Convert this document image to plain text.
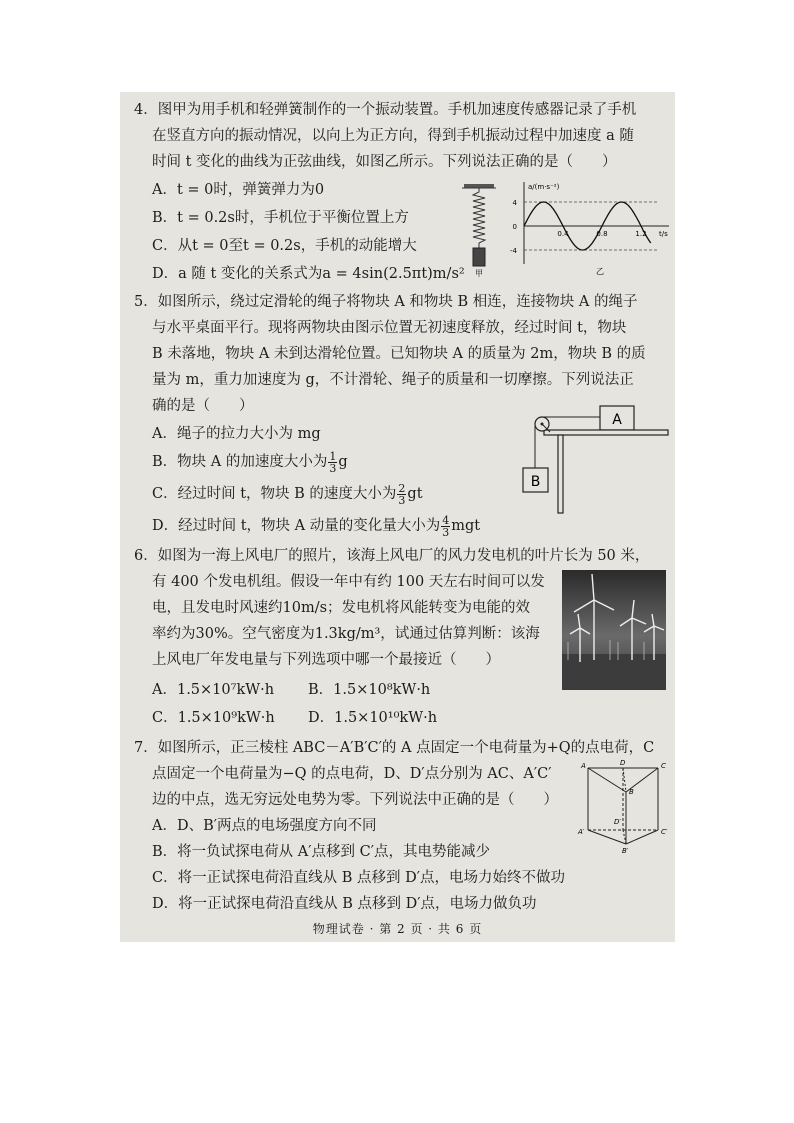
4．图甲为用手机和轻弹簧制作的一个振动装置。手机加速度传感器记录了手机
在竖直方向的振动情况，以向上为正方向，得到手机振动过程中加速度 a 随
时间 t 变化的曲线为正弦曲线，如图乙所示。下列说法正确的是（　　）
A．t = 0时，弹簧弹力为0
B．t = 0.2s时，手机位于平衡位置上方
C．从t = 0至t = 0.2s，手机的动能增大
D．a 随 t 变化的关系式为a = 4sin(2.5πt)m/s²
5．如图所示，绕过定滑轮的绳子将物块 A 和物块 B 相连，连接物块 A 的绳子
与水平桌面平行。现将两物块由图示位置无初速度释放，经过时间 t，物块
B 未落地，物块 A 未到达滑轮位置。已知物块 A 的质量为 2m，物块 B 的质
量为 m，重力加速度为 g，不计滑轮、绳子的质量和一切摩擦。下列说法正
确的是（　　）
A．绳子的拉力大小为 mg
B．物块 A 的加速度大小为 $\frac{1}{3}$ g
C．经过时间 t，物块 B 的速度大小为 $\frac{2}{3}$ gt
D．经过时间 t，物块 A 动量的变化量大小为 $\frac{4}{3}$ mgt
6．如图为一海上风电厂的照片，该海上风电厂的风力发电机的叶片长为 50 米，
有 400 个发电机组。假设一年中有约 100 天左右时间可以发
电，且发电时风速约10m/s；发电机将风能转变为电能的效
率约为30%。空气密度为1.3kg/m³，试通过估算判断：该海
上风电厂年发电量与下列选项中哪一个最接近（　　）
A．1.5×10⁷kW·h B．1.5×10⁸kW·h
C．1.5×10⁹kW·h D．1.5×10¹⁰kW·h
7．如图所示，正三棱柱 ABC－A′B′C′的 A 点固定一个电荷量为+Q的点电荷，C
点固定一个电荷量为−Q 的点电荷，D、D′点分别为 AC、A′C′
边的中点，选无穷远处电势为零。下列说法中正确的是（　　）
A．D、B′两点的电场强度方向不同
B．将一负试探电荷从 A′点移到 C′点，其电势能减少
C．将一正试探电荷沿直线从 B 点移到 D′点，电场力始终不做功
D．将一正试探电荷沿直线从 B 点移到 D′点，电场力做负功
甲
a/(m·s⁻²)
t/s
4
0
-4
0.4	0.8	1.2
乙
A
B
D
A	C
B
D′
A′	C′
B′
物理试卷 · 第 2 页 · 共 6 页
